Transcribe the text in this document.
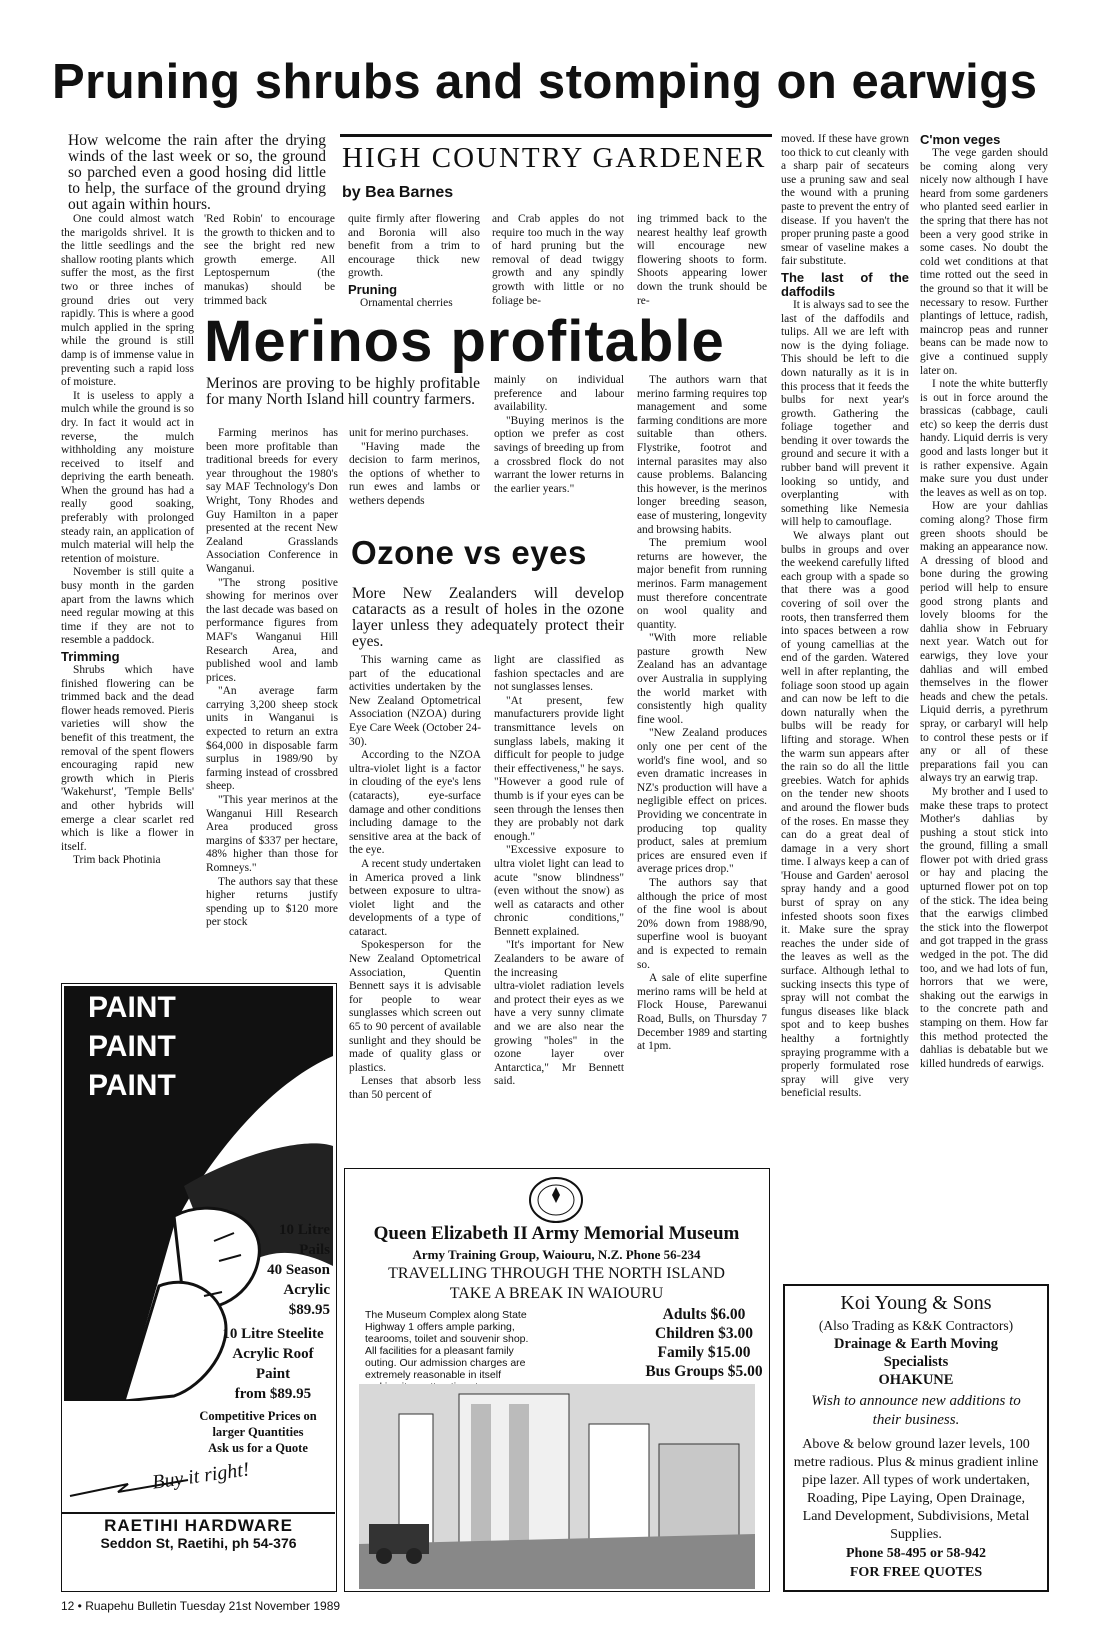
Pruning shrubs and stomping on earwigs
How welcome the rain after the drying winds of the last week or so, the ground so parched even a good hosing did little to help, the surface of the ground drying out again within hours.
HIGH COUNTRY GARDENER
by Bea Barnes

One could almost watch the marigolds shrivel. It is the little seedlings and the shallow rooting plants which suffer the most, as the first two or three inches of ground dries out very rapidly. This is where a good mulch applied in the spring while the ground is still damp is of immense value in preventing such a rapid loss of moisture.

It is useless to apply a mulch while the ground is so dry. In fact it would act in reverse, the mulch withholding any moisture received to itself and depriving the earth beneath. When the ground has had a really good soaking, preferably with prolonged steady rain, an application of mulch material will help the retention of moisture.

November is still quite a busy month in the garden apart from the lawns which need regular mowing at this time if they are not to resemble a paddock.

Trimming

Shrubs which have finished flowering can be trimmed back and the dead flower heads removed. Pieris varieties will show the benefit of this treatment, the removal of the spent flowers encouraging rapid new growth which in Pieris 'Wakehurst', 'Temple Bells' and other hybrids will emerge a clear scarlet red which is like a flower in itself.

Trim back Photinia

'Red Robin' to encourage the growth to thicken and to see the bright red new growth emerge. All Leptospernum (the manukas) should be trimmed back

quite firmly after flowering and Boronia will also benefit from a trim to encourage thick new growth.

Pruning

Ornamental cherries

and Crab apples do not require too much in the way of hard pruning but the removal of dead twiggy growth and any spindly growth with little or no foliage be-

ing trimmed back to the nearest healthy leaf growth will encourage new flowering shoots to form. Shoots appearing lower down the trunk should be re-

moved. If these have grown too thick to cut cleanly with a sharp pair of secateurs use a pruning saw and seal the wound with a pruning paste to prevent the entry of disease. If you haven't the proper pruning paste a good smear of vaseline makes a fair substitute.

The last of the daffodils

It is always sad to see the last of the daffodils and tulips. All we are left with now is the dying foliage. This should be left to die down naturally as it is in this process that it feeds the bulbs for next year's growth. Gathering the foliage together and bending it over towards the ground and secure it with a rubber band will prevent it looking so untidy, and overplanting with something like Nemesia will help to camouflage.

We always plant out bulbs in groups and over the weekend carefully lifted each group with a spade so that there was a good covering of soil over the roots, then transferred them into spaces between a row of young camellias at the end of the garden. Watered well in after replanting, the foliage soon stood up again and can now be left to die down naturally when the bulbs will be ready for lifting and storage. When the warm sun appears after the rain so do all the little greebies. Watch for aphids on the tender new shoots and around the flower buds of the roses. En masse they can do a great deal of damage in a very short time. I always keep a can of 'House and Garden' aerosol spray handy and a good burst of spray on any infested shoots soon fixes it. Make sure the spray reaches the under side of the leaves as well as the surface. Although lethal to sucking insects this type of spray will not combat the fungus diseases like black spot and to keep bushes healthy a fortnightly spraying programme with a properly formulated rose spray will give very beneficial results.

C'mon veges

The vege garden should be coming along very nicely now although I have heard from some gardeners who planted seed earlier in the spring that there has not been a very good strike in some cases. No doubt the cold wet conditions at that time rotted out the seed in the ground so that it will be necessary to resow. Further plantings of lettuce, radish, maincrop peas and runner beans can be made now to give a continued supply later on.

I note the white butterfly is out in force around the brassicas (cabbage, cauli etc) so keep the derris dust handy. Liquid derris is very good and lasts longer but it is rather expensive. Again make sure you dust under the leaves as well as on top.

How are your dahlias coming along? Those firm green shoots should be making an appearance now. A dressing of blood and bone during the growing period will help to ensure good strong plants and lovely blooms for the dahlia show in February next year. Watch out for earwigs, they love your dahlias and will embed themselves in the flower heads and chew the petals. Liquid derris, a pyrethrum spray, or carbaryl will help to control these pests or if any or all of these preparations fail you can always try an earwig trap.

My brother and I used to make these traps to protect Mother's dahlias by pushing a stout stick into the ground, filling a small flower pot with dried grass or hay and placing the upturned flower pot on top of the stick. The idea being that the earwigs climbed the stick into the flowerpot and got trapped in the grass wedged in the pot. The did too, and we had lots of fun, horrors that we were, shaking out the earwigs in to the concrete path and stamping on them. How far this method protected the dahlias is debatable but we killed hundreds of earwigs.

Merinos profitable
Merinos are proving to be highly profitable for many North Island hill country farmers.

Farming merinos has been more profitable than traditional breeds for every year throughout the 1980's say MAF Technology's Don Wright, Tony Rhodes and Guy Hamilton in a paper presented at the recent New Zealand Grasslands Association Conference in Wanganui.

"The strong positive showing for merinos over the last decade was based on performance figures from MAF's Wanganui Hill Research Area, and published wool and lamb prices.

"An average farm carrying 3,200 sheep stock units in Wanganui is expected to return an extra $64,000 in disposable farm surplus in 1989/90 by farming instead of crossbred sheep.

"This year merinos at the Wanganui Hill Research Area produced gross margins of $337 per hectare, 48% higher than those for Romneys."

The authors say that these higher returns justify spending up to $120 more per stock

unit for merino purchases.

"Having made the decision to farm merinos, the options of whether to run ewes and lambs or wethers depends

mainly on individual preference and labour availability.

"Buying merinos is the option we prefer as cost savings of breeding up from a crossbred flock do not warrant the lower returns in the earlier years."

The authors warn that merino farming requires top management and some farming conditions are more suitable than others. Flystrike, footrot and internal parasites may also cause problems. Balancing this however, is the merinos longer breeding season, ease of mustering, longevity and browsing habits.

The premium wool returns are however, the major benefit from running merinos. Farm management must therefore concentrate on wool quality and quantity.

"With more reliable pasture growth New Zealand has an advantage over Australia in supplying the world market with consistently high quality fine wool.

"New Zealand produces only one per cent of the world's fine wool, and so even dramatic increases in NZ's production will have a negligible effect on prices. Providing we concentrate in producing top quality product, sales at premium prices are ensured even if average prices drop."

The authors say that although the price of most of the fine wool is about 20% down from 1988/90, superfine wool is buoyant and is expected to remain so.

A sale of elite superfine merino rams will be held at Flock House, Parewanui Road, Bulls, on Thursday 7 December 1989 and starting at 1pm.

Ozone vs eyes
More New Zealanders will develop cataracts as a result of holes in the ozone layer unless they adequately protect their eyes.

This warning came as part of the educational activities undertaken by the New Zealand Optometrical Association (NZOA) during Eye Care Week (October 24-30).

According to the NZOA ultra-violet light is a factor in clouding of the eye's lens (cataracts), eye-surface damage and other conditions including damage to the sensitive area at the back of the eye.

A recent study undertaken in America proved a link between exposure to ultra-violet light and the developments of a type of cataract.

Spokesperson for the New Zealand Optometrical Association, Quentin Bennett says it is advisable for people to wear sunglasses which screen out 65 to 90 percent of available sunlight and they should be made of quality glass or plastics.

Lenses that absorb less than 50 percent of

light are classified as fashion spectacles and are not sunglasses lenses.

"At present, few manufacturers provide light transmittance levels on sunglass labels, making it difficult for people to judge their effectiveness," he says. "However a good rule of thumb is if your eyes can be seen through the lenses then they are probably not dark enough."

"Excessive exposure to ultra violet light can lead to acute "snow blindness" (even without the snow) as well as cataracts and other chronic conditions," Bennett explained.

"It's important for New Zealanders to be aware of the increasing

ultra-violet radiation levels and protect their eyes as we have a very sunny climate and we are also near the growing "holes" in the ozone layer over Antarctica," Mr Bennett said.

PAINT
PAINT
PAINT
10 Litre
Pails
40 Season
Acrylic
$89.95
10 Litre Steelite
Acrylic Roof
Paint
from $89.95
Competitive Prices on
larger Quantities
Ask us for a Quote
Buy it right!
RAETIHI HARDWARE
Seddon St, Raetihi, ph 54-376
Queen Elizabeth II Army Memorial Museum
Army Training Group, Waiouru, N.Z. Phone 56-234
TRAVELLING THROUGH THE NORTH ISLAND
TAKE A BREAK IN WAIOURU
The Museum Complex along State Highway 1 offers ample parking, tearooms, toilet and souvenir shop. All facilities for a pleasant family outing. Our admission charges are extremely reasonable in itself
Adults $6.00
Children $3.00
Family $15.00
Bus Groups $5.00
Koi Young & Sons
(Also Trading as K&K Contractors)
Drainage & Earth Moving
Specialists
OHAKUNE
Wish to announce new additions to their business.
Above & below ground lazer levels, 100 metre radious. Plus & minus gradient inline pipe lazer. All types of work undertaken, Roading, Pipe Laying, Open Drainage, Land Development, Subdivisions, Metal Supplies.
Phone 58-495 or 58-942
FOR FREE QUOTES
12 • Ruapehu Bulletin Tuesday 21st November 1989
